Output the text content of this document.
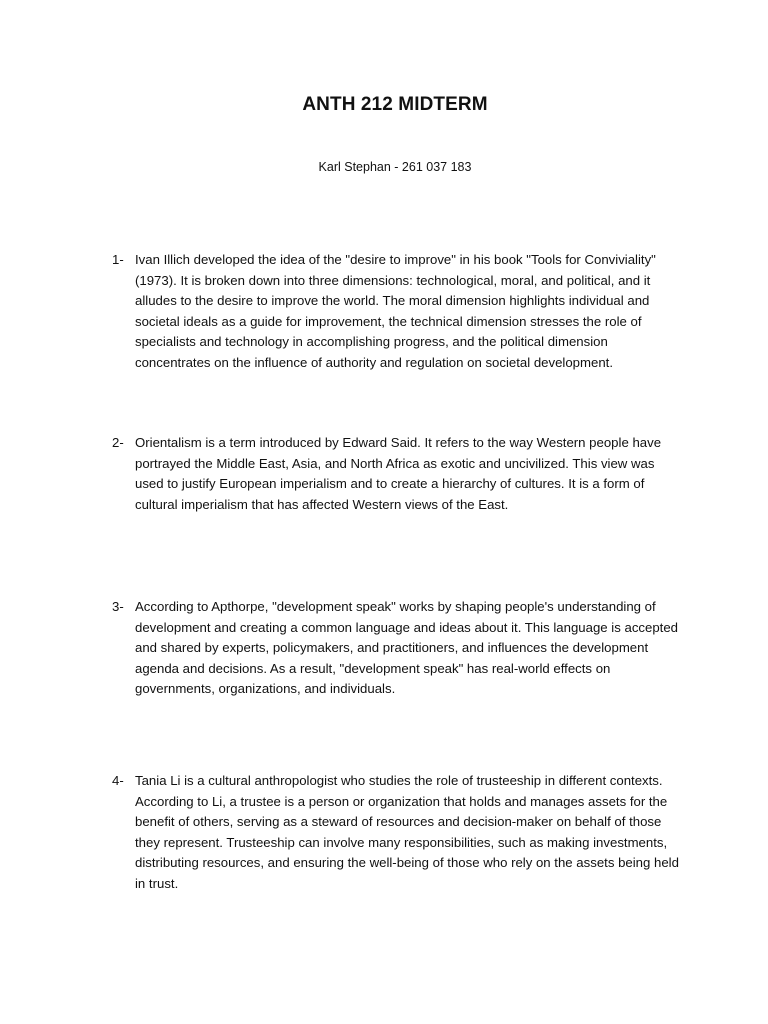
ANTH 212 MIDTERM
Karl Stephan - 261 037 183
1- Ivan Illich developed the idea of the "desire to improve" in his book "Tools for Conviviality" (1973). It is broken down into three dimensions: technological, moral, and political, and it alludes to the desire to improve the world. The moral dimension highlights individual and societal ideals as a guide for improvement, the technical dimension stresses the role of specialists and technology in accomplishing progress, and the political dimension concentrates on the influence of authority and regulation on societal development.
2- Orientalism is a term introduced by Edward Said. It refers to the way Western people have portrayed the Middle East, Asia, and North Africa as exotic and uncivilized. This view was used to justify European imperialism and to create a hierarchy of cultures. It is a form of cultural imperialism that has affected Western views of the East.
3- According to Apthorpe, "development speak" works by shaping people's understanding of development and creating a common language and ideas about it. This language is accepted and shared by experts, policymakers, and practitioners, and influences the development agenda and decisions. As a result, "development speak" has real-world effects on governments, organizations, and individuals.
4- Tania Li is a cultural anthropologist who studies the role of trusteeship in different contexts. According to Li, a trustee is a person or organization that holds and manages assets for the benefit of others, serving as a steward of resources and decision-maker on behalf of those they represent. Trusteeship can involve many responsibilities, such as making investments, distributing resources, and ensuring the well-being of those who rely on the assets being held in trust.
